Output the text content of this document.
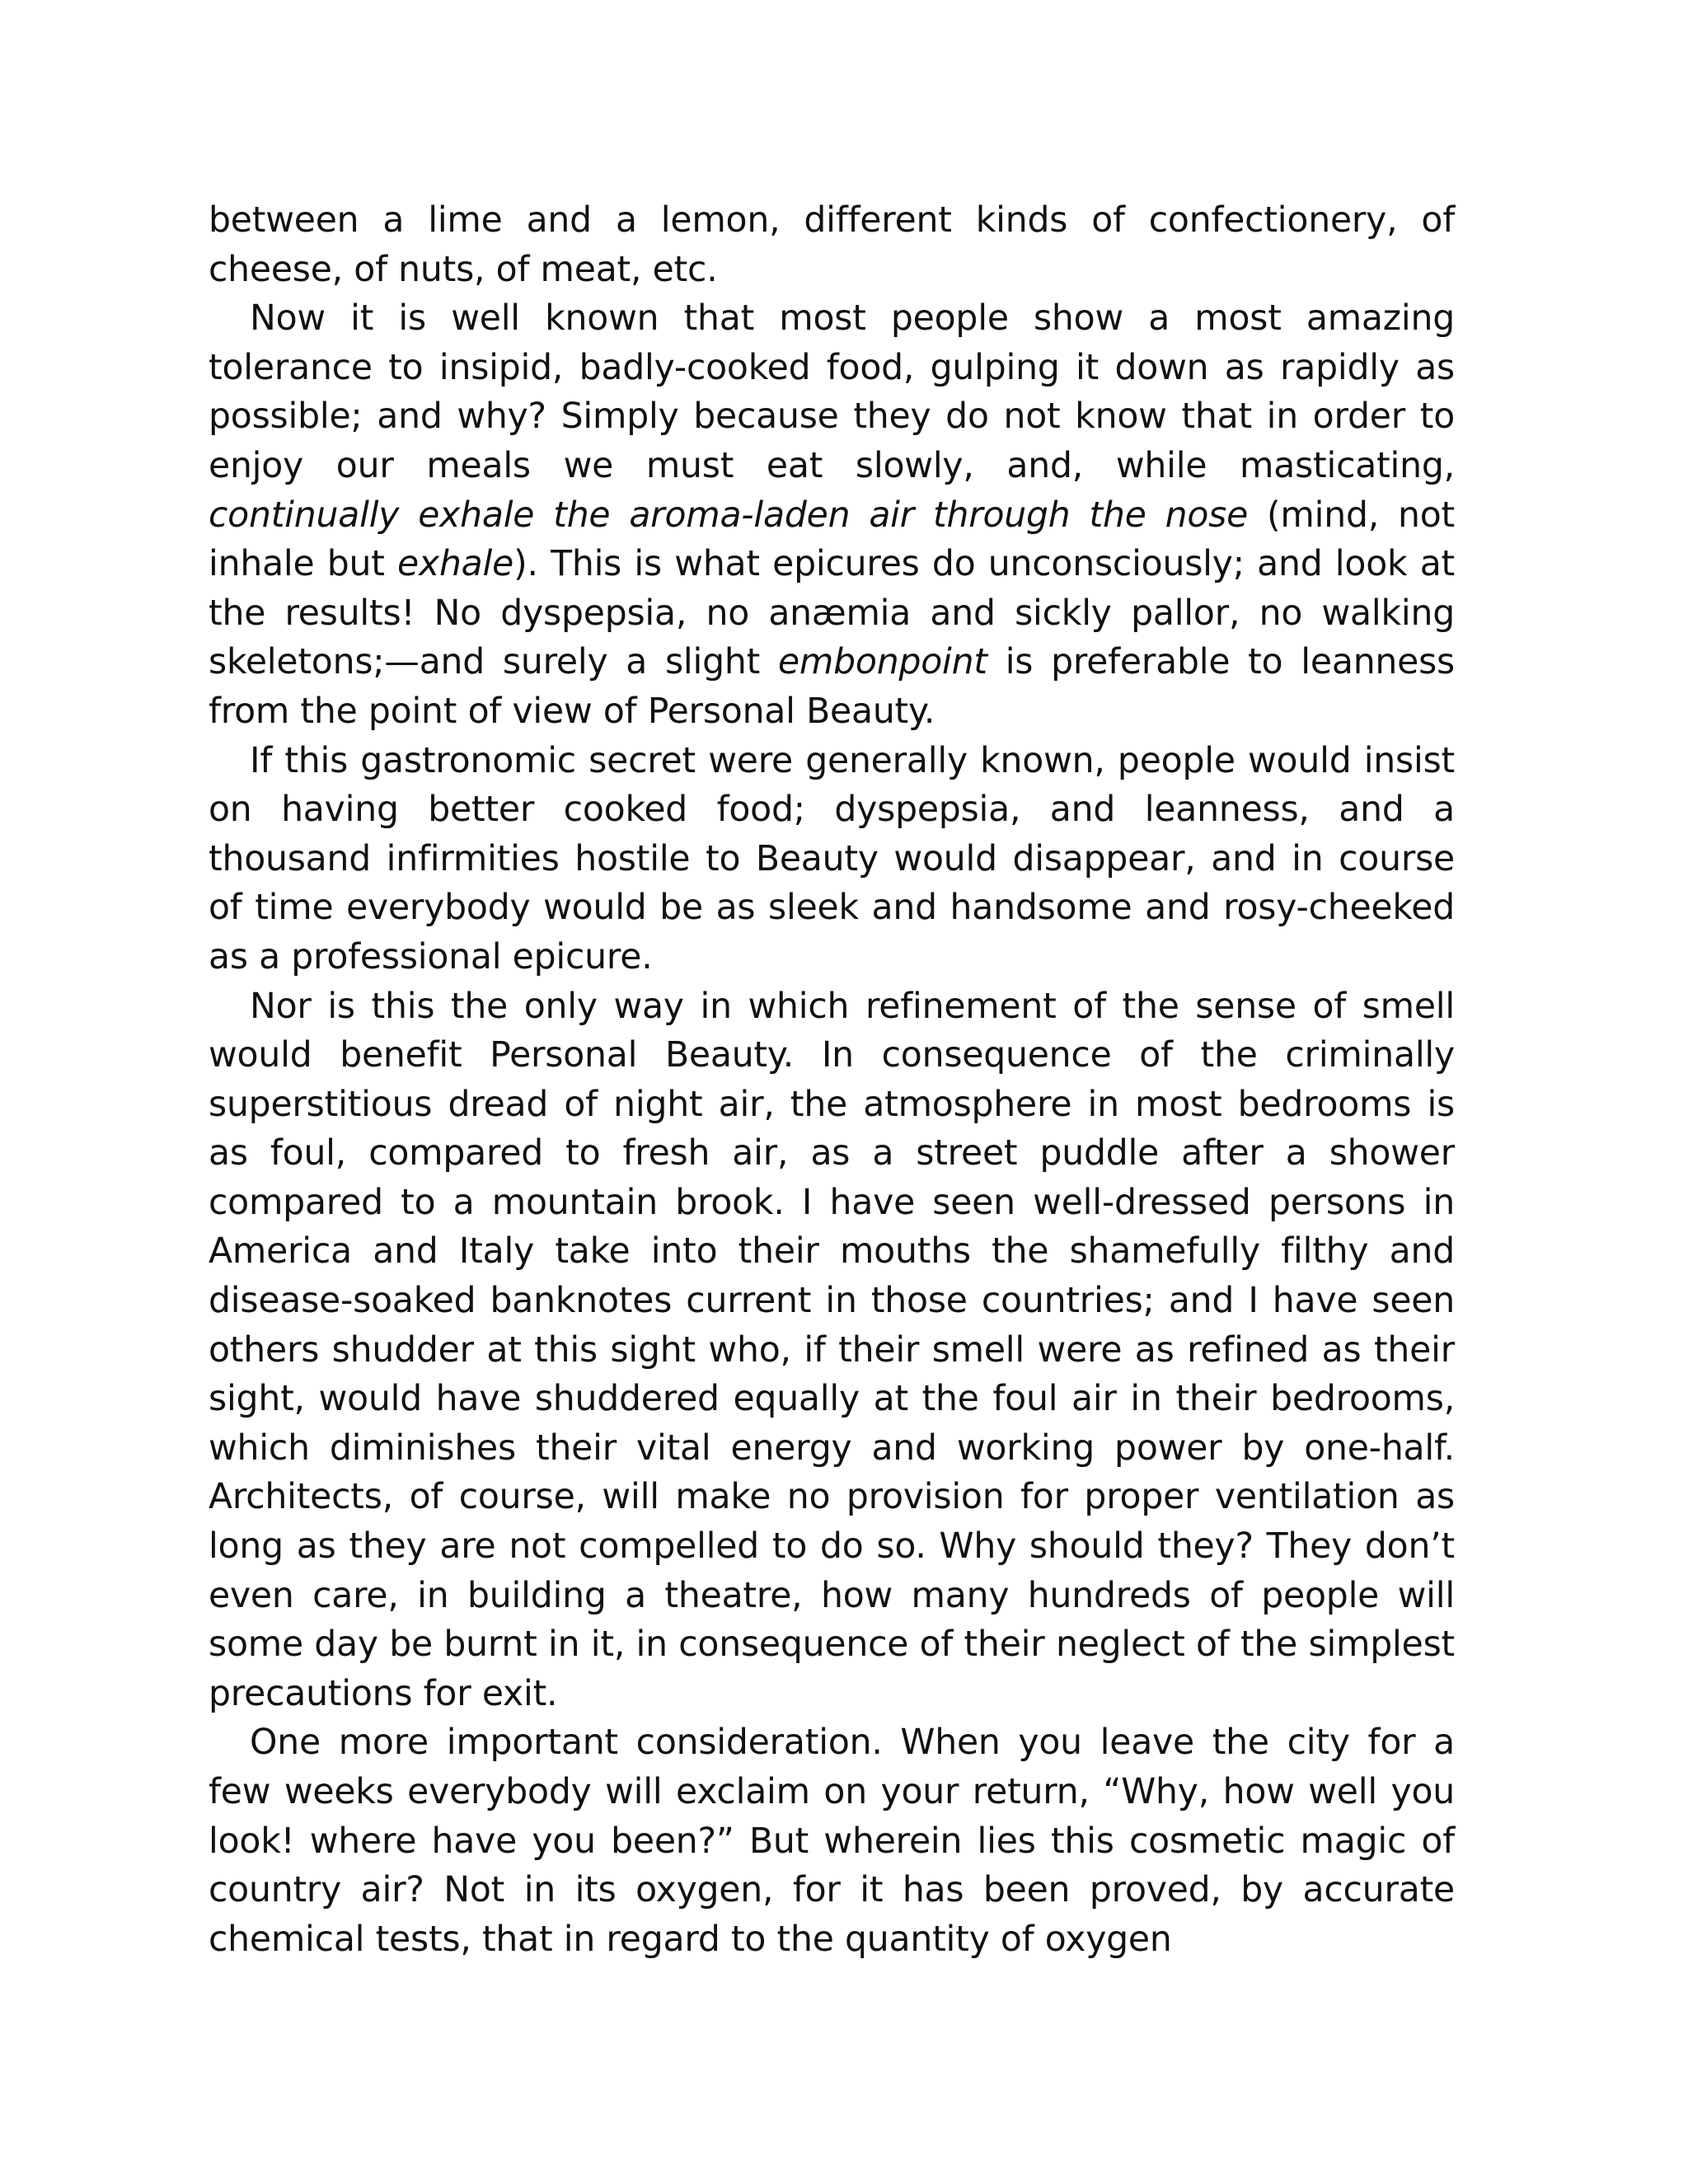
between a lime and a lemon, different kinds of confectionery, of cheese, of nuts, of meat, etc.

Now it is well known that most people show a most amazing tolerance to insipid, badly-cooked food, gulping it down as rapidly as possible; and why? Simply because they do not know that in order to enjoy our meals we must eat slowly, and, while masticating, continually exhale the aroma-laden air through the nose (mind, not inhale but exhale). This is what epicures do unconsciously; and look at the results! No dyspepsia, no anæmia and sickly pallor, no walking skeletons;—and surely a slight embonpoint is preferable to leanness from the point of view of Personal Beauty.

If this gastronomic secret were generally known, people would insist on having better cooked food; dyspepsia, and leanness, and a thousand infirmities hostile to Beauty would disappear, and in course of time everybody would be as sleek and handsome and rosy-​cheeked as a professional epicure.

Nor is this the only way in which refinement of the sense of smell would benefit Personal Beauty. In consequence of the criminally superstitious dread of night air, the atmosphere in most bedrooms is as foul, compared to fresh air, as a street puddle after a shower compared to a mountain brook. I have seen well-dressed persons in America and Italy take into their mouths the shamefully filthy and disease-soaked banknotes current in those countries; and I have seen others shudder at this sight who, if their smell were as refined as their sight, would have shuddered equally at the foul air in their bedrooms, which diminishes their vital energy and working power by one-half. Architects, of course, will make no provision for proper ventilation as long as they are not compelled to do so. Why should they? They don’t even care, in building a theatre, how many hundreds of people will some day be burnt in it, in consequence of their neglect of the simplest precautions for exit.

One more important consideration. When you leave the city for a few weeks everybody will exclaim on your return, “Why, how well you look! where have you been?” But wherein lies this cosmetic magic of country air? Not in its oxygen, for it has been proved, by accurate chemical tests, that in regard to the quantity of oxygen
